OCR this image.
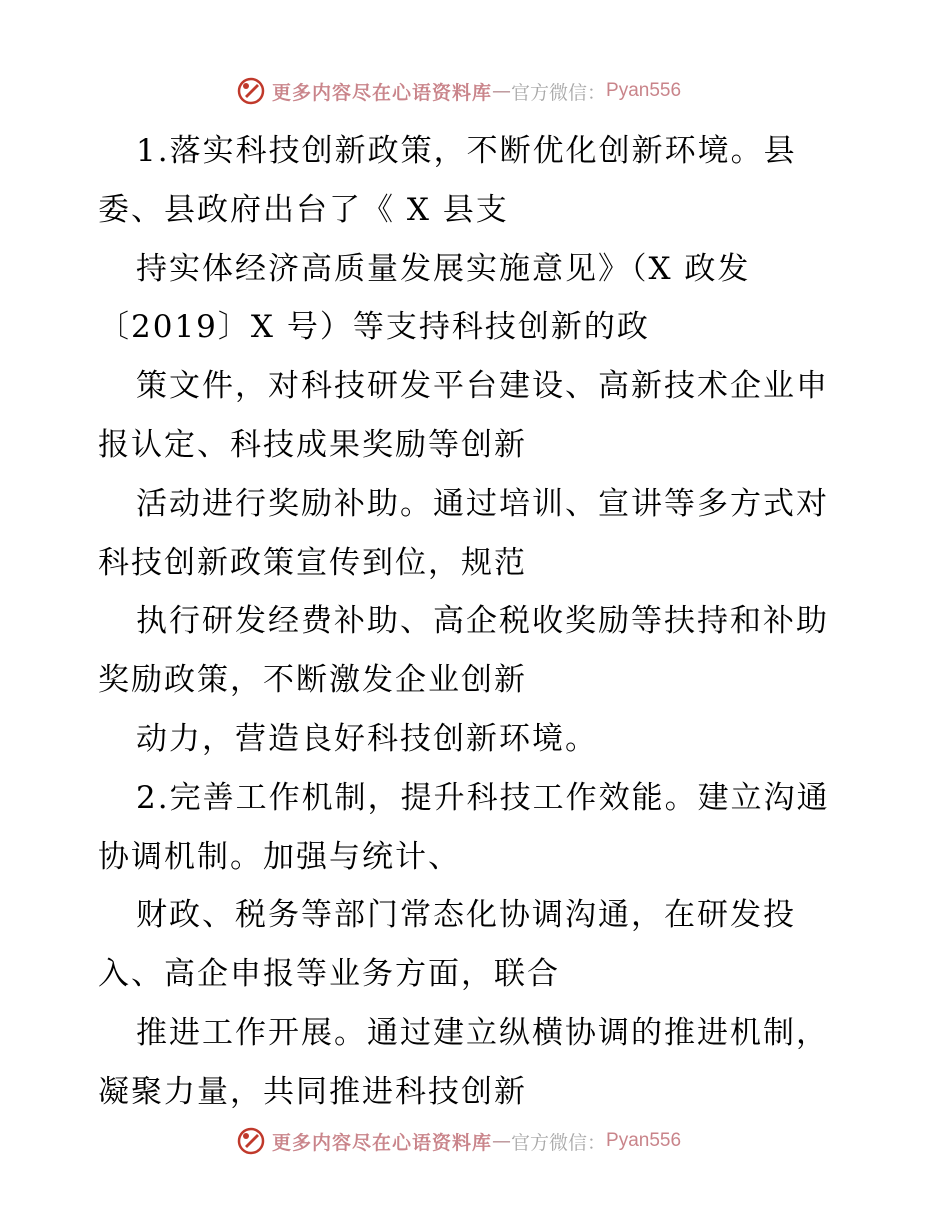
更多内容尽在心语资料库 — 官方微信： Pyan556
1.落实科技创新政策，不断优化创新环境。县
委、县政府出台了《 X 县支
持实体经济高质量发展实施意见》（X 政发
〔2019〕X 号）等支持科技创新的政
策文件，对科技研发平台建设、高新技术企业申
报认定、科技成果奖励等创新
活动进行奖励补助。通过培训、宣讲等多方式对
科技创新政策宣传到位，规范
执行研发经费补助、高企税收奖励等扶持和补助
奖励政策，不断激发企业创新
动力，营造良好科技创新环境。
2.完善工作机制，提升科技工作效能。建立沟通
协调机制。加强与统计、
财政、税务等部门常态化协调沟通，在研发投
入、高企申报等业务方面，联合
推进工作开展。通过建立纵横协调的推进机制，
凝聚力量，共同推进科技创新
更多内容尽在心语资料库 — 官方微信： Pyan556
